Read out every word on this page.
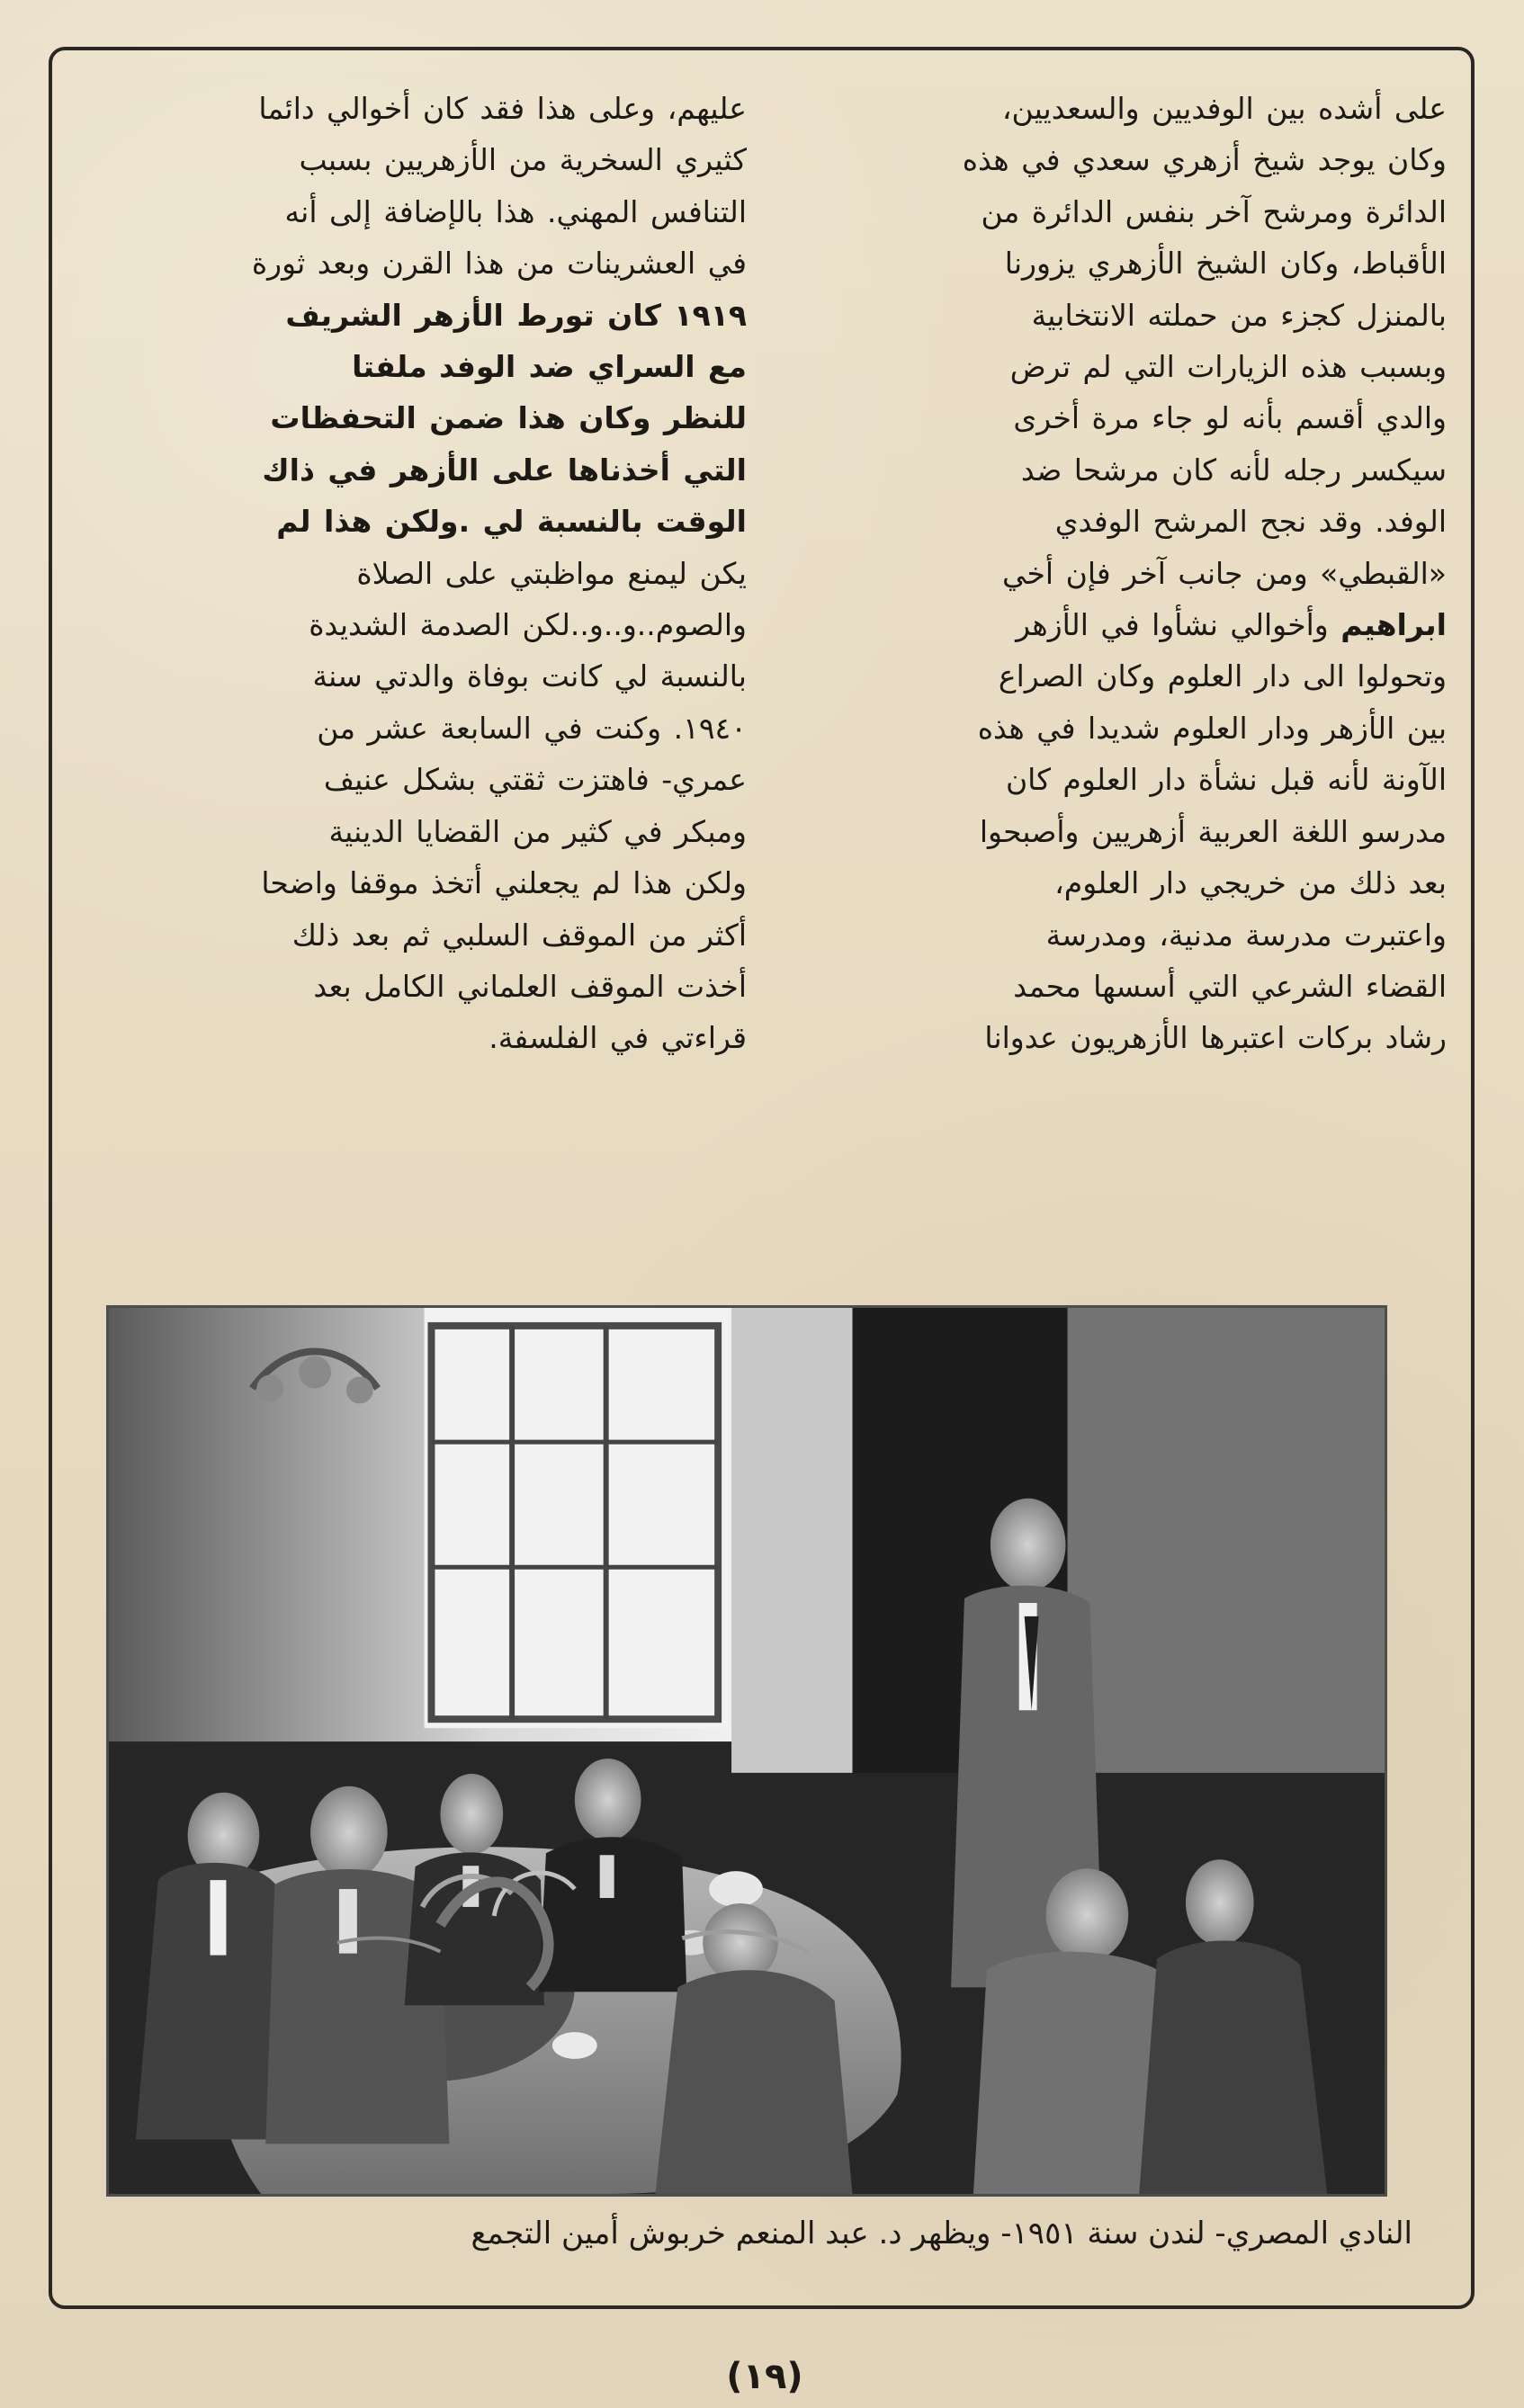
على أشده بين الوفديين والسعديين،

وكان يوجد شيخ أزهري سعدي في هذه

الدائرة ومرشح آخر بنفس الدائرة من

الأقباط، وكان الشيخ الأزهري يزورنا

بالمنزل كجزء من حملته الانتخابية

وبسبب هذه الزيارات التي لم ترض

والدي أقسم بأنه لو جاء مرة أخرى

سيكسر رجله لأنه كان مرشحا ضد

الوفد. وقد نجح المرشح الوفدي

«القبطي» ومن جانب آخر فإن أخي

ابراهيم وأخوالي نشأوا في الأزهر

وتحولوا الى دار العلوم وكان الصراع

بين الأزهر ودار العلوم شديدا في هذه

الآونة لأنه قبل نشأة دار العلوم كان

مدرسو اللغة العربية أزهريين وأصبحوا

بعد ذلك من خريجي دار العلوم،

واعتبرت مدرسة مدنية، ومدرسة

القضاء الشرعي التي أسسها محمد

رشاد بركات اعتبرها الأزهريون عدوانا

عليهم، وعلى هذا فقد كان أخوالي دائما

كثيري السخرية من الأزهريين بسبب

التنافس المهني. هذا بالإضافة إلى أنه

في العشرينات من هذا القرن وبعد ثورة

١٩١٩ كان تورط الأزهر الشريف

مع السراي ضد الوفد ملفتا

للنظر وكان هذا ضمن التحفظات

التي أخذناها على الأزهر في ذاك

الوقت بالنسبة لي .ولكن هذا لم

يكن ليمنع مواظبتي على الصلاة

والصوم..و..و..لكن الصدمة الشديدة

بالنسبة لي كانت بوفاة والدتي سنة

١٩٤٠. وكنت في السابعة عشر من

عمري- فاهتزت ثقتي بشكل عنيف

ومبكر في كثير من القضايا الدينية

ولكن هذا لم يجعلني أتخذ موقفا واضحا

أكثر من الموقف السلبي ثم بعد ذلك

أخذت الموقف العلماني الكامل بعد

قراءتي في الفلسفة.

النادي المصري- لندن سنة ١٩٥١- ويظهر د. عبد المنعم خربوش أمين التجمع
(١٩)
